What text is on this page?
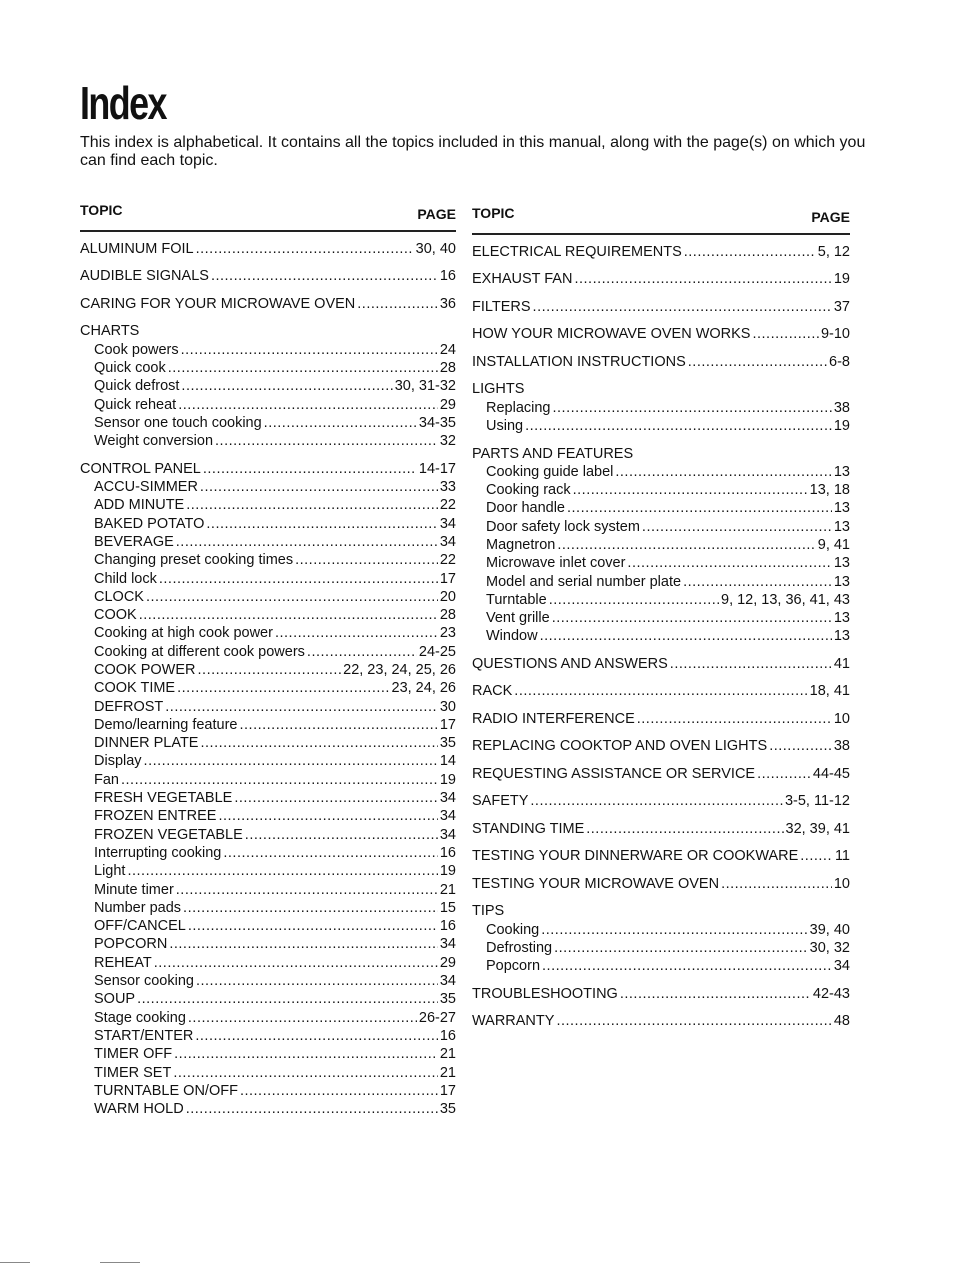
Index
This index is alphabetical. It contains all the topics included in this manual, along with the page(s) on which you can find each topic.
TOPIC	PAGE
ALUMINUM FOIL .....	30, 40
AUDIBLE SIGNALS .....	16
CARING FOR YOUR MICROWAVE OVEN .....	36
CHARTS
Cook powers .....	24
Quick cook .....	28
Quick defrost .....	30, 31-32
Quick reheat .....	29
Sensor one touch cooking .....	34-35
Weight conversion .....	32
CONTROL PANEL .....	14-17
ACCU-SIMMER .....	33
ADD MINUTE .....	22
BAKED POTATO .....	34
BEVERAGE .....	34
Changing preset cooking times .....	22
Child lock .....	17
CLOCK .....	20
COOK .....	28
Cooking at high cook power .....	23
Cooking at different cook powers .....	24-25
COOK POWER .....	22, 23, 24, 25, 26
COOK TIME .....	23, 24, 26
DEFROST .....	30
Demo/learning feature .....	17
DINNER PLATE .....	35
Display .....	14
Fan .....	19
FRESH VEGETABLE .....	34
FROZEN ENTREE .....	34
FROZEN VEGETABLE .....	34
Interrupting cooking .....	16
Light .....	19
Minute timer .....	21
Number pads .....	15
OFF/CANCEL .....	16
POPCORN .....	34
REHEAT .....	29
Sensor cooking .....	34
SOUP .....	35
Stage cooking .....	26-27
START/ENTER .....	16
TIMER OFF .....	21
TIMER SET .....	21
TURNTABLE ON/OFF .....	17
WARM HOLD .....	35
TOPIC	PAGE
ELECTRICAL REQUIREMENTS .....	5, 12
EXHAUST FAN .....	19
FILTERS .....	37
HOW YOUR MICROWAVE OVEN WORKS .....	9-10
INSTALLATION INSTRUCTIONS .....	6-8
LIGHTS
Replacing .....	38
Using .....	19
PARTS AND FEATURES
Cooking guide label .....	13
Cooking rack .....	13, 18
Door handle .....	13
Door safety lock system .....	13
Magnetron .....	9, 41
Microwave inlet cover .....	13
Model and serial number plate .....	13
Turntable .....	9, 12, 13, 36, 41, 43
Vent grille .....	13
Window .....	13
QUESTIONS AND ANSWERS .....	41
RACK .....	18, 41
RADIO INTERFERENCE .....	10
REPLACING COOKTOP AND OVEN LIGHTS .....	38
REQUESTING ASSISTANCE OR SERVICE .....	44-45
SAFETY .....	3-5, 11-12
STANDING TIME .....	32, 39, 41
TESTING YOUR DINNERWARE OR COOKWARE .....	11
TESTING YOUR MICROWAVE OVEN .....	10
TIPS
Cooking .....	39, 40
Defrosting .....	30, 32
Popcorn .....	34
TROUBLESHOOTING .....	42-43
WARRANTY .....	48
